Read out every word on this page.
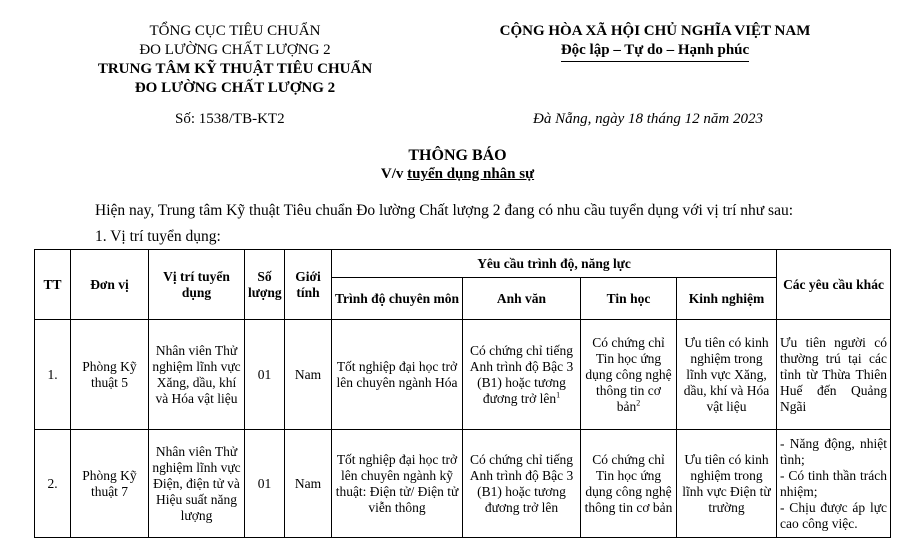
TỔNG CỤC TIÊU CHUẨN
ĐO LƯỜNG CHẤT LƯỢNG 2
TRUNG TÂM KỸ THUẬT TIÊU CHUẨN
ĐO LƯỜNG CHẤT LƯỢNG 2
CỘNG HÒA XÃ HỘI CHỦ NGHĨA VIỆT NAM
Độc lập – Tự do – Hạnh phúc
Số: 1538/TB-KT2	Đà Nẵng, ngày 18 tháng 12 năm 2023
THÔNG BÁO
V/v tuyển dụng nhân sự
Hiện nay, Trung tâm Kỹ thuật Tiêu chuẩn Đo lường Chất lượng 2 đang có nhu cầu tuyển dụng với vị trí như sau:
1. Vị trí tuyển dụng:
TT	Đơn vị	Vị trí tuyển dụng	Số lượng	Giới tính	Yêu cầu trình độ, năng lực				Các yêu cầu khác
					Trình độ chuyên môn	Anh văn	Tin học	Kinh nghiệm	
1.	Phòng Kỹ thuật 5	Nhân viên Thử nghiệm lĩnh vực Xăng, dầu, khí và Hóa vật liệu	01	Nam	Tốt nghiệp đại học trở lên chuyên ngành Hóa	Có chứng chỉ tiếng Anh trình độ Bậc 3 (B1) hoặc tương đương trở lên$^1$	Có chứng chỉ Tin học ứng dụng công nghệ thông tin cơ bản$^2$	Ưu tiên có kinh nghiệm trong lĩnh vực Xăng, dầu, khí và Hóa vật liệu	Ưu tiên người có thường trú tại các tỉnh từ Thừa Thiên Huế đến Quảng Ngãi

2.	Phòng Kỹ thuật 7	Nhân viên Thử nghiệm lĩnh vực Điện, điện tử và Hiệu suất năng lượng	01	Nam	Tốt nghiệp đại học trở lên chuyên ngành kỹ thuật: Điện tử/ Điện tử viễn thông	Có chứng chỉ tiếng Anh trình độ Bậc 3 (B1) hoặc tương đương trở lên	Có chứng chỉ Tin học ứng dụng công nghệ thông tin cơ bản	Ưu tiên có kinh nghiệm trong lĩnh vực Điện từ trường	- Năng động, nhiệt tình;
- Có tinh thần trách nhiệm;
- Chịu được áp lực cao công việc.
